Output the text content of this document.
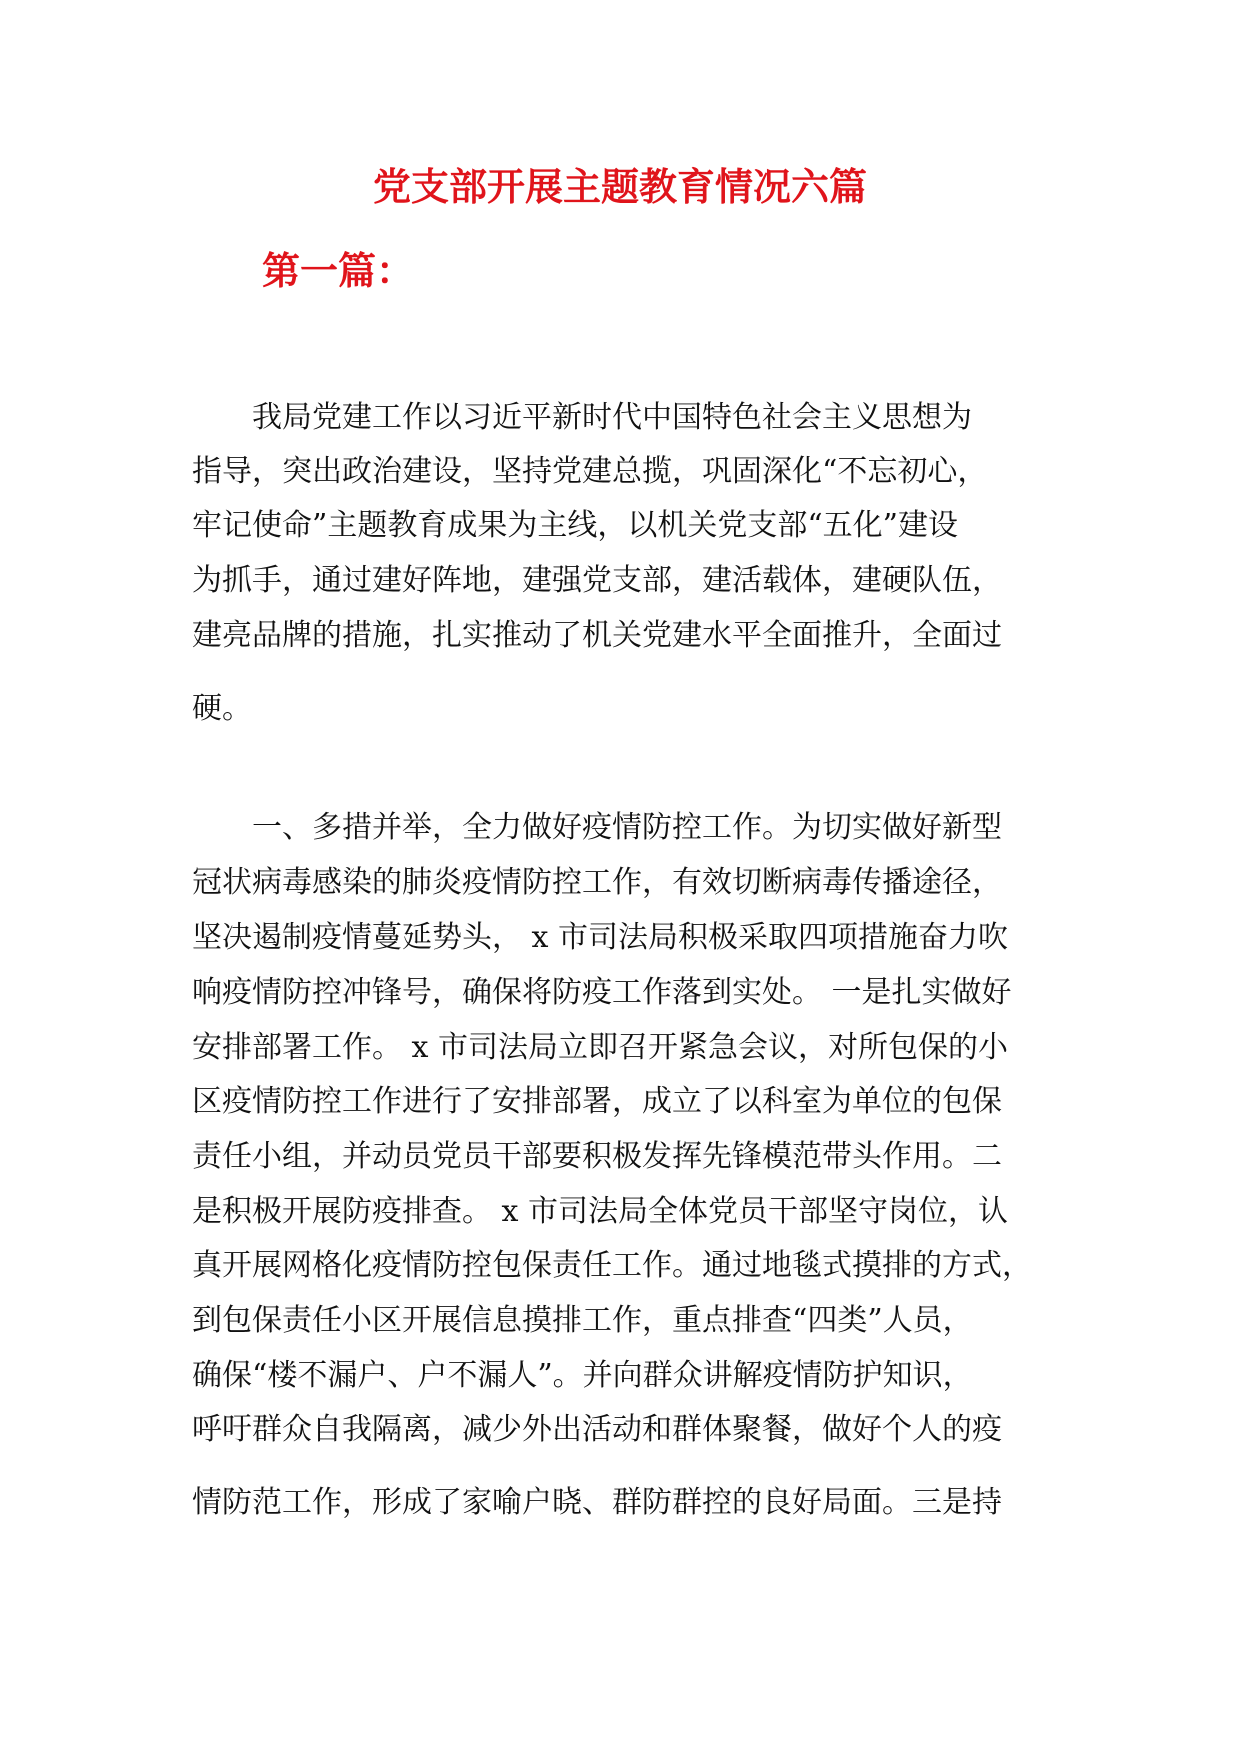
党支部开展主题教育情况六篇
第一篇：
　　我局党建工作以习近平新时代中国特色社会主义思想为
指导，突出政治建设，坚持党建总揽，巩固深化“不忘初心，
牢记使命”主题教育成果为主线，以机关党支部“五化”建设
为抓手，通过建好阵地，建强党支部，建活载体，建硬队伍，
建亮品牌的措施，扎实推动了机关党建水平全面推升，全面过
硬。
　　一、多措并举，全力做好疫情防控工作。为切实做好新型
冠状病毒感染的肺炎疫情防控工作，有效切断病毒传播途径，
坚决遏制疫情蔓延势头， x 市司法局积极采取四项措施奋力吹
响疫情防控冲锋号，确保将防疫工作落到实处。 一是扎实做好
安排部署工作。 x 市司法局立即召开紧急会议，对所包保的小
区疫情防控工作进行了安排部署，成立了以科室为单位的包保
责任小组，并动员党员干部要积极发挥先锋模范带头作用。二
是积极开展防疫排查。 x 市司法局全体党员干部坚守岗位，认
真开展网格化疫情防控包保责任工作。通过地毯式摸排的方式，
到包保责任小区开展信息摸排工作，重点排查“四类”人员，
确保“楼不漏户、户不漏人”。并向群众讲解疫情防护知识，
呼吁群众自我隔离，减少外出活动和群体聚餐，做好个人的疫
情防范工作，形成了家喻户晓、群防群控的良好局面。三是持
